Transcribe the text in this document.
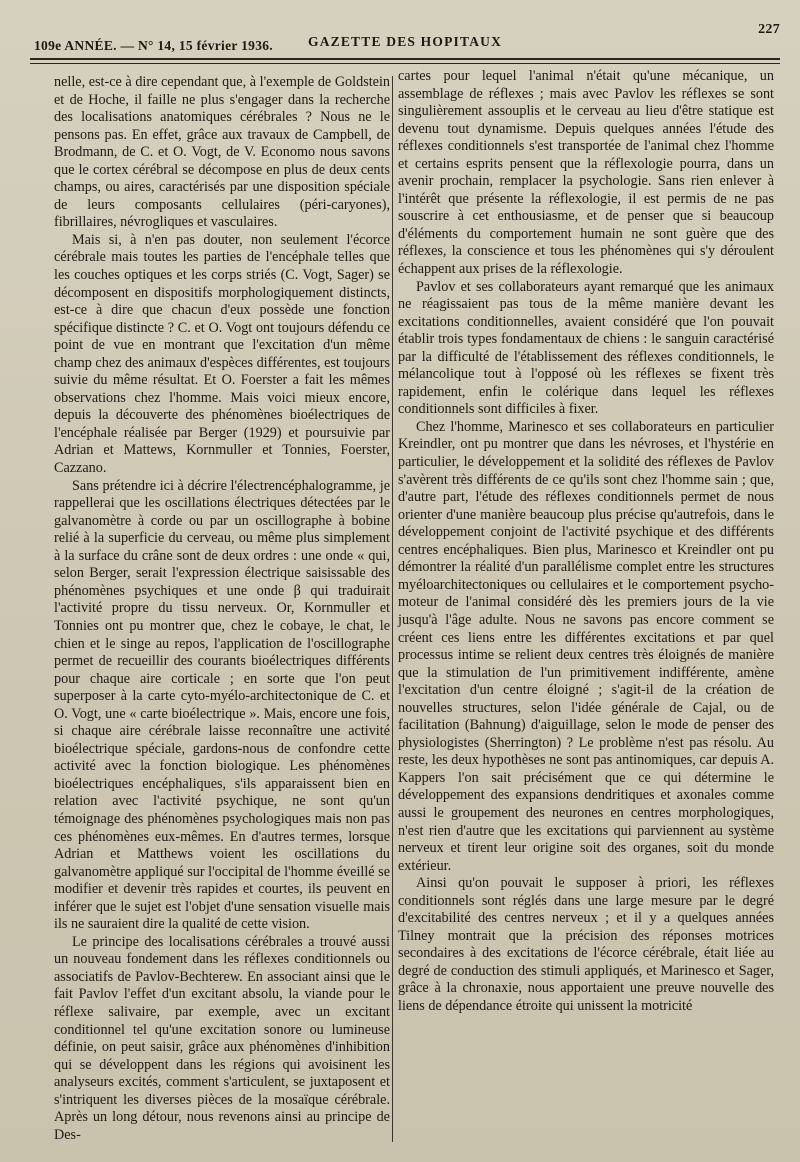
109e ANNÉE. — N° 14, 15 février 1936.	GAZETTE DES HOPITAUX
227

nelle, est-ce à dire cependant que, à l'exemple de Goldstein et de Hoche, il faille ne plus s'engager dans la recherche des localisations anatomiques cérébrales ? Nous ne le pensons pas. En effet, grâce aux travaux de Campbell, de Brodmann, de C. et O. Vogt, de V. Economo nous savons que le cortex cérébral se décompose en plus de deux cents champs, ou aires, caractérisés par une disposition spéciale de leurs composants cellulaires (péri-caryones), fibrillaires, névrogliques et vasculaires.

Mais si, à n'en pas douter, non seulement l'écorce cérébrale mais toutes les parties de l'encéphale telles que les couches optiques et les corps striés (C. Vogt, Sager) se décomposent en dispositifs morphologiquement distincts, est-ce à dire que chacun d'eux possède une fonction spécifique distincte ? C. et O. Vogt ont toujours défendu ce point de vue en montrant que l'excitation d'un même champ chez des animaux d'espèces différentes, est toujours suivie du même résultat. Et O. Foerster a fait les mêmes observations chez l'homme. Mais voici mieux encore, depuis la découverte des phénomènes bioélectriques de l'encéphale réalisée par Berger (1929) et poursuivie par Adrian et Mattews, Kornmuller et Tonnies, Foerster, Cazzano.

Sans prétendre ici à décrire l'électrencéphalogramme, je rappellerai que les oscillations électriques détectées par le galvanomètre à corde ou par un oscillographe à bobine relié à la superficie du cerveau, ou même plus simplement à la surface du crâne sont de deux ordres : une onde « qui, selon Berger, serait l'expression électrique saisissable des phénomènes psychiques et une onde β qui traduirait l'activité propre du tissu nerveux. Or, Kornmuller et Tonnies ont pu montrer que, chez le cobaye, le chat, le chien et le singe au repos, l'application de l'oscillographe permet de recueillir des courants bioélectriques différents pour chaque aire corticale ; en sorte que l'on peut superposer à la carte cyto-myélo-architectonique de C. et O. Vogt, une « carte bioélectrique ». Mais, encore une fois, si chaque aire cérébrale laisse reconnaître une activité bioélectrique spéciale, gardons-nous de confondre cette activité avec la fonction biologique. Les phénomènes bioélectriques encéphaliques, s'ils apparaissent bien en relation avec l'activité psychique, ne sont qu'un témoignage des phénomènes psychologiques mais non pas ces phénomènes eux-mêmes. En d'autres termes, lorsque Adrian et Matthews voient les oscillations du galvanomètre appliqué sur l'occipital de l'homme éveillé se modifier et devenir très rapides et courtes, ils peuvent en inférer que le sujet est l'objet d'une sensation visuelle mais ils ne sauraient dire la qualité de cette vision.

Le principe des localisations cérébrales a trouvé aussi un nouveau fondement dans les réflexes conditionnels ou associatifs de Pavlov-Bechterew. En associant ainsi que le fait Pavlov l'effet d'un excitant absolu, la viande pour le réflexe salivaire, par exemple, avec un excitant conditionnel tel qu'une excitation sonore ou lumineuse définie, on peut saisir, grâce aux phénomènes d'inhibition qui se développent dans les régions qui avoisinent les analyseurs excités, comment s'articulent, se juxtaposent et s'intriquent les diverses pièces de la mosaïque cérébrale. Après un long détour, nous revenons ainsi au principe de Des-

cartes pour lequel l'animal n'était qu'une mécanique, un assemblage de réflexes ; mais avec Pavlov les réflexes se sont singulièrement assouplis et le cerveau au lieu d'être statique est devenu tout dynamisme. Depuis quelques années l'étude des réflexes conditionnels s'est transportée de l'animal chez l'homme et certains esprits pensent que la réflexologie pourra, dans un avenir prochain, remplacer la psychologie. Sans rien enlever à l'intérêt que présente la réflexologie, il est permis de ne pas souscrire à cet enthousiasme, et de penser que si beaucoup d'éléments du comportement humain ne sont guère que des réflexes, la conscience et tous les phénomènes qui s'y déroulent échappent aux prises de la réflexologie.

Pavlov et ses collaborateurs ayant remarqué que les animaux ne réagissaient pas tous de la même manière devant les excitations conditionnelles, avaient considéré que l'on pouvait établir trois types fondamentaux de chiens : le sanguin caractérisé par la difficulté de l'établissement des réflexes conditionnels, le mélancolique tout à l'opposé où les réflexes se fixent très rapidement, enfin le colérique dans lequel les réflexes conditionnels sont difficiles à fixer.

Chez l'homme, Marinesco et ses collaborateurs en particulier Kreindler, ont pu montrer que dans les névroses, et l'hystérie en particulier, le développement et la solidité des réflexes de Pavlov s'avèrent très différents de ce qu'ils sont chez l'homme sain ; que, d'autre part, l'étude des réflexes conditionnels permet de nous orienter d'une manière beaucoup plus précise qu'autrefois, dans le développement conjoint de l'activité psychique et des différents centres encéphaliques. Bien plus, Marinesco et Kreindler ont pu démontrer la réalité d'un parallélisme complet entre les structures myéloarchitectoniques ou cellulaires et le comportement psycho-moteur de l'animal considéré dès les premiers jours de la vie jusqu'à l'âge adulte. Nous ne savons pas encore comment se créent ces liens entre les différentes excitations et par quel processus intime se relient deux centres très éloignés de manière que la stimulation de l'un primitivement indifférente, amène l'excitation d'un centre éloigné ; s'agit-il de la création de nouvelles structures, selon l'idée générale de Cajal, ou de facilitation (Bahnung) d'aiguillage, selon le mode de penser des physiologistes (Sherrington) ? Le problème n'est pas résolu. Au reste, les deux hypothèses ne sont pas antinomiques, car depuis A. Kappers l'on sait précisément que ce qui détermine le développement des expansions dendritiques et axonales comme aussi le groupement des neurones en centres morphologiques, n'est rien d'autre que les excitations qui parviennent au système nerveux et tirent leur origine soit des organes, soit du monde extérieur.

Ainsi qu'on pouvait le supposer à priori, les réflexes conditionnels sont réglés dans une large mesure par le degré d'excitabilité des centres nerveux ; et il y a quelques années Tilney montrait que la précision des réponses motrices secondaires à des excitations de l'écorce cérébrale, était liée au degré de conduction des stimuli appliqués, et Marinesco et Sager, grâce à la chronaxie, nous apportaient une preuve nouvelle des liens de dépendance étroite qui unissent la motricité
